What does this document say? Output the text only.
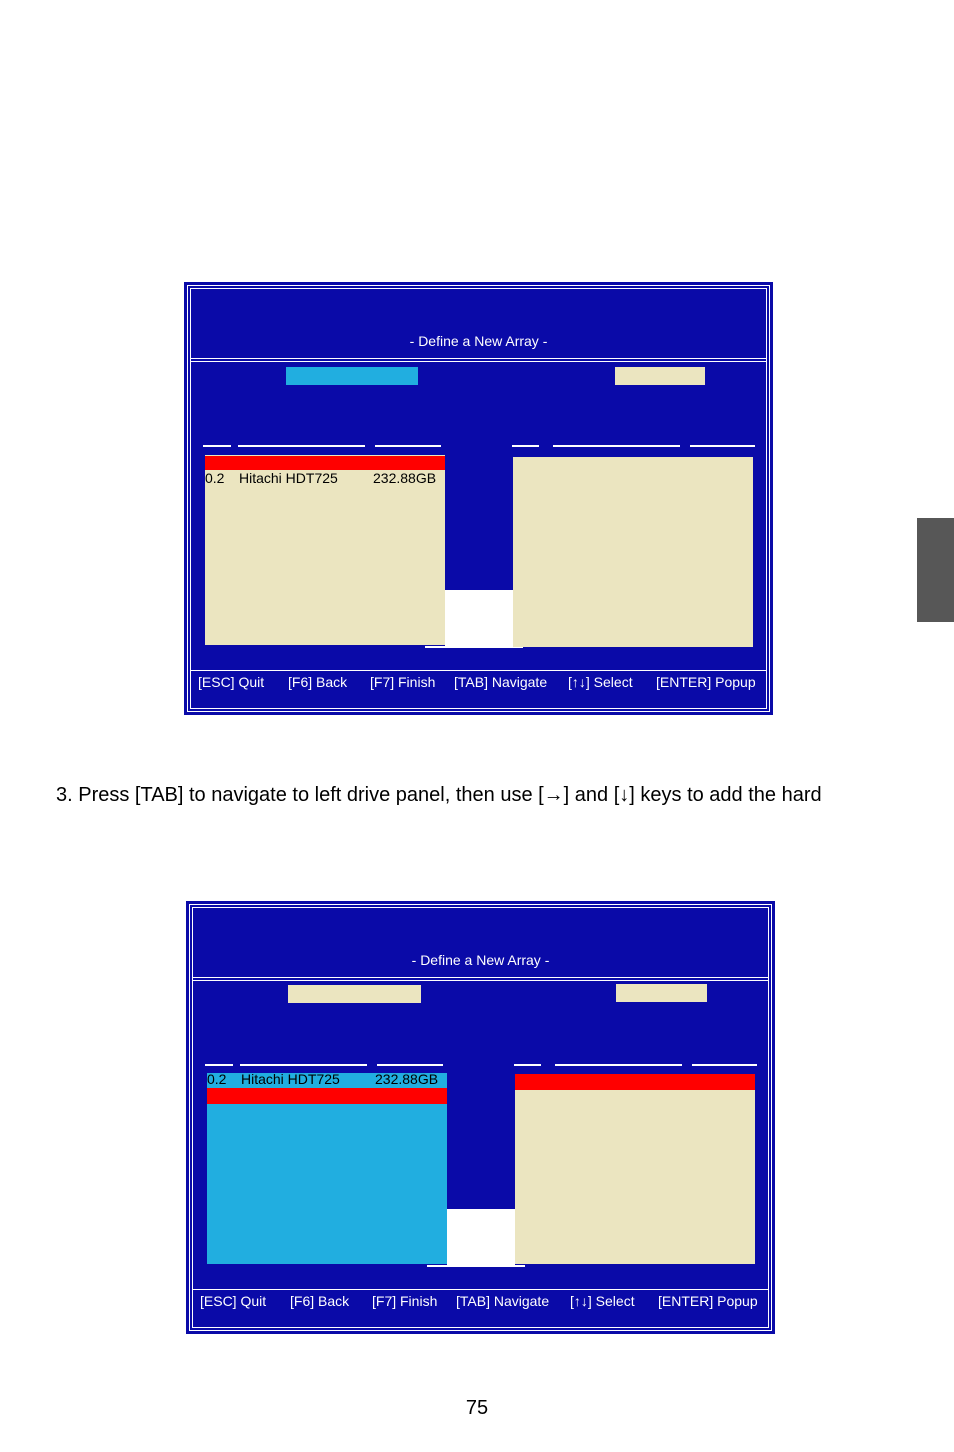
- Define a New Array -
0.2 Hitachi HDT725	232.88GB
[ESC] Quit [F6] Back [F7] Finish [TAB] Navigate [↑↓] Select [ENTER] Popup
3. Press [TAB] to navigate to left drive panel, then use [→] and [↓] keys to add the hard
- Define a New Array -
0.2 Hitachi HDT725	232.88GB
[ESC] Quit [F6] Back [F7] Finish [TAB] Navigate [↑↓] Select [ENTER] Popup
75
